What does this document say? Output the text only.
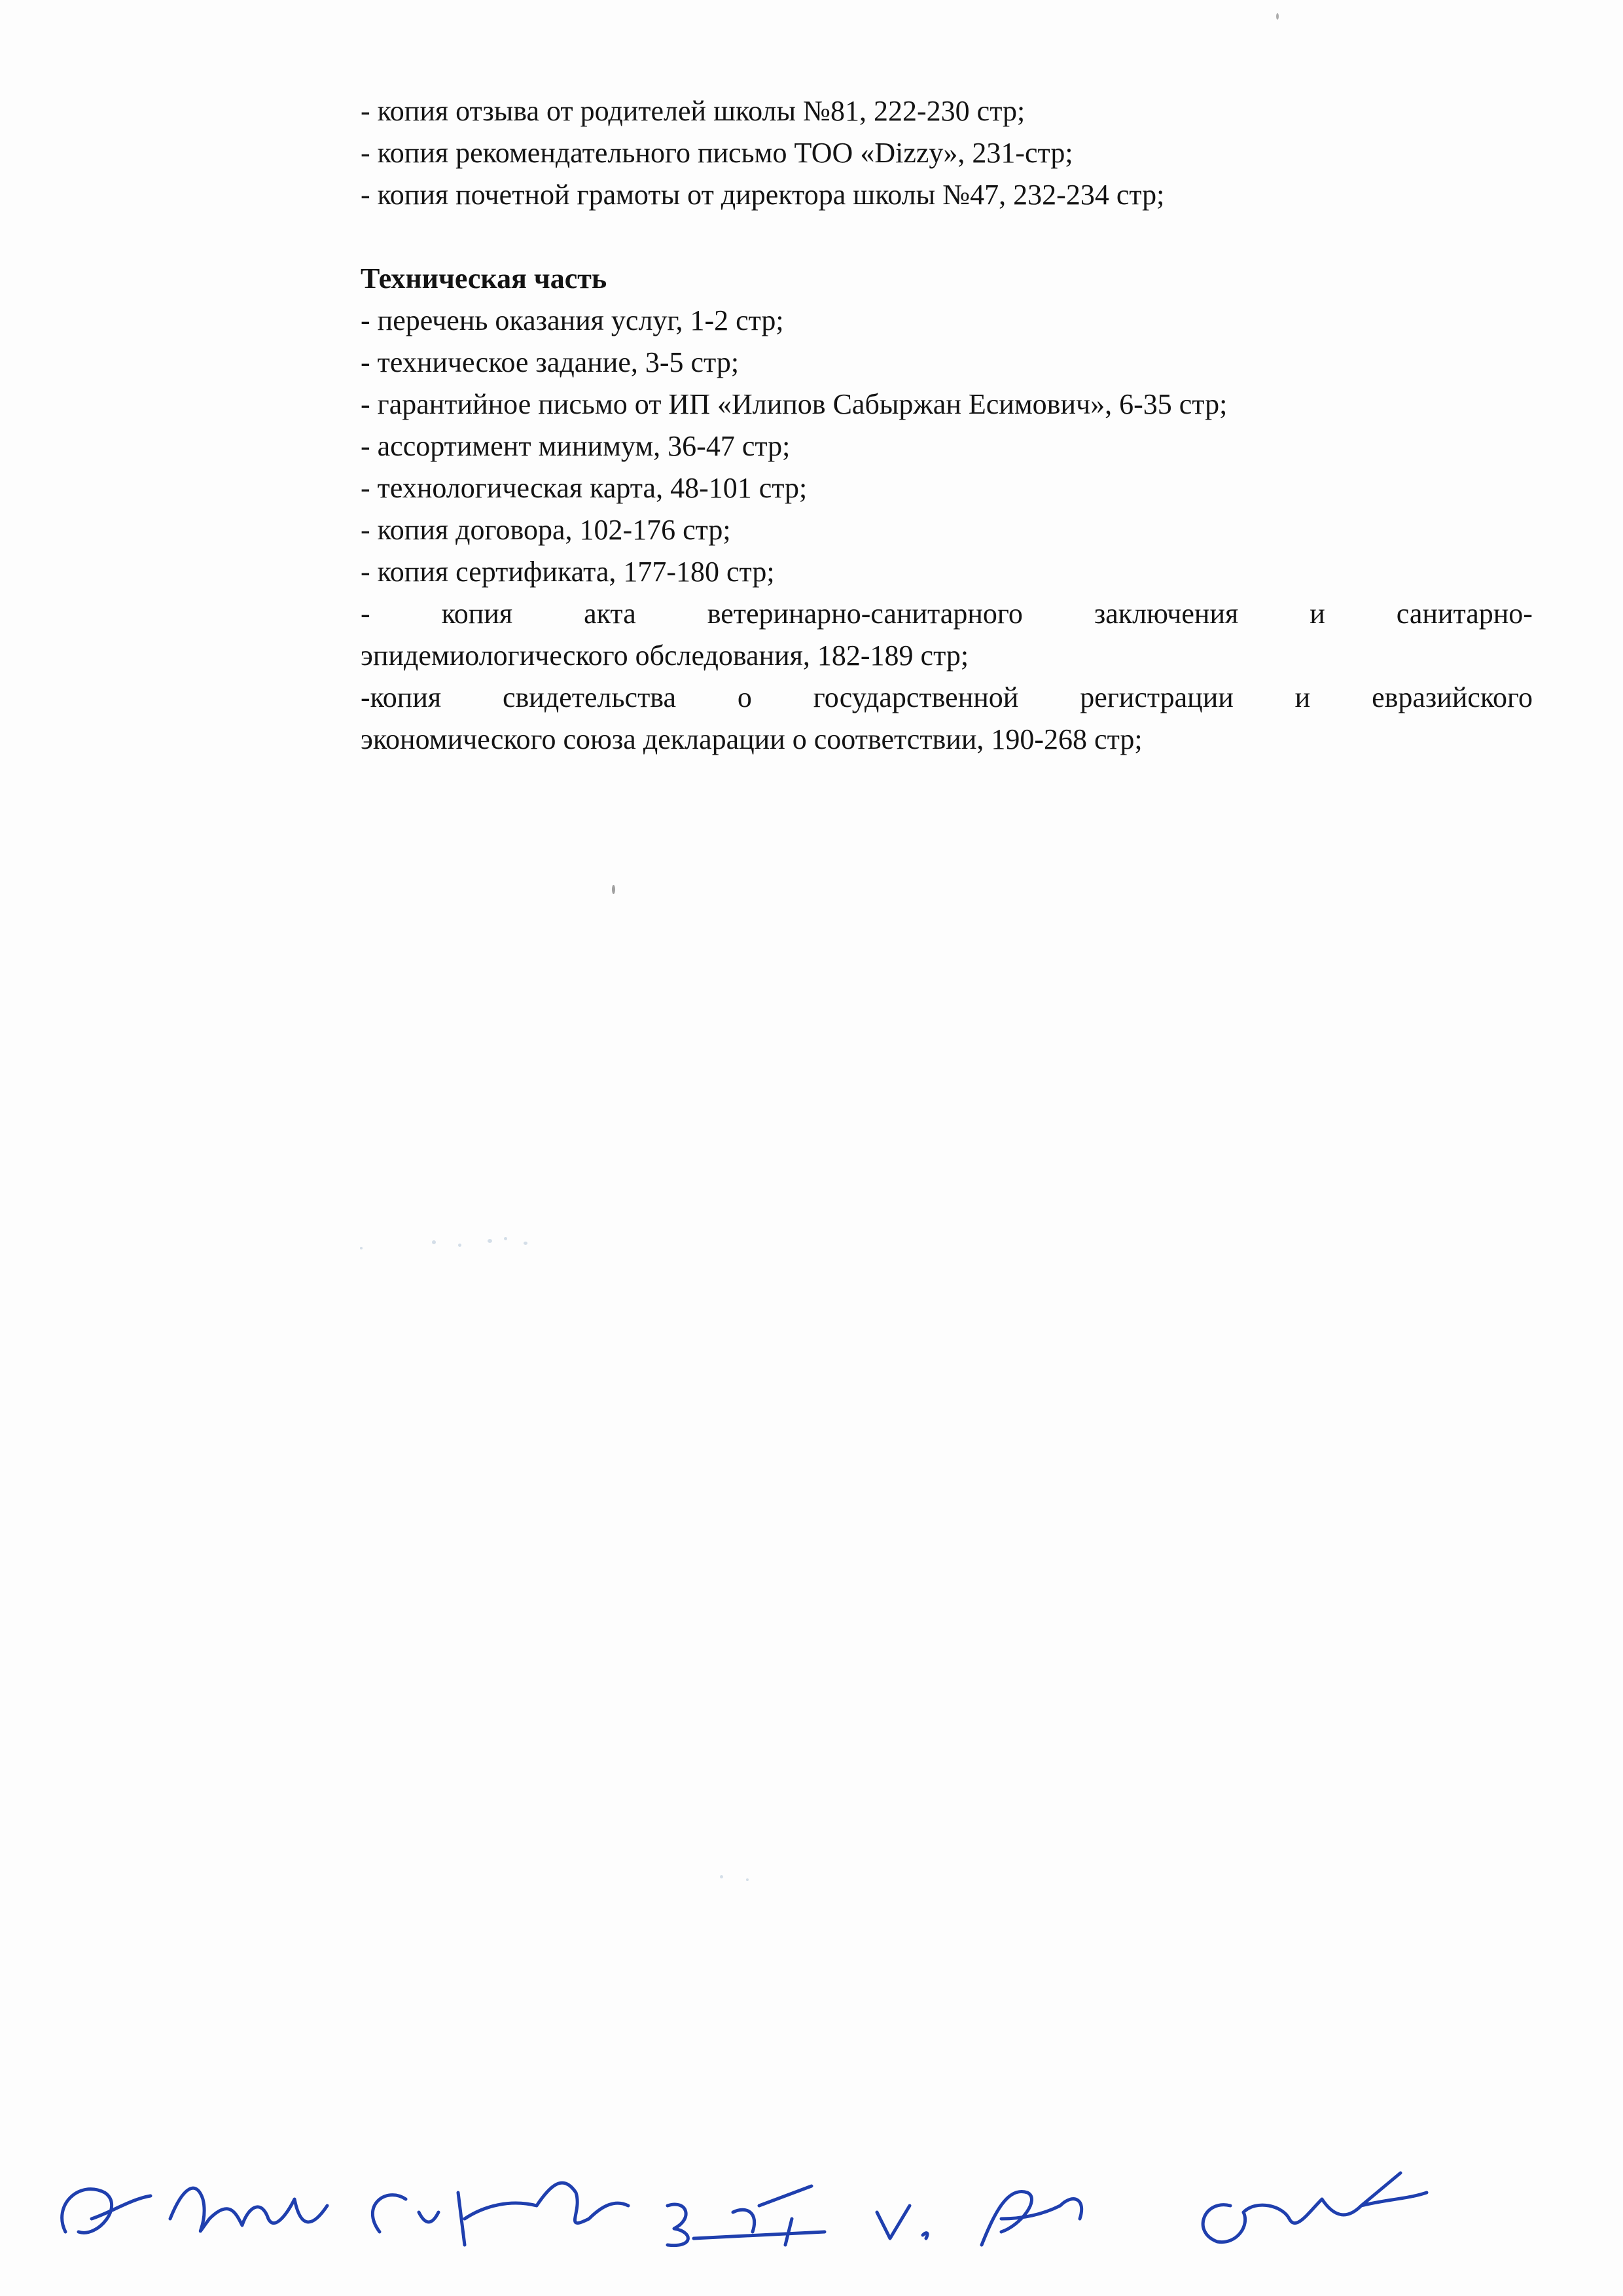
- копия отзыва от родителей школы №81, 222-230 стр;
- копия рекомендательного письмо ТОО «Dizzy», 231-стр;
- копия почетной грамоты от директора школы №47, 232-234 стр;
Техническая часть
- перечень оказания услуг, 1-2 стр;
- техническое задание, 3-5 стр;
- гарантийное письмо от ИП «Илипов Сабыржан Есимович», 6-35 стр;
- ассортимент минимум, 36-47 стр;
- технологическая карта, 48-101 стр;
- копия договора, 102-176 стр;
- копия сертификата, 177-180 стр;
- копия акта ветеринарно-санитарного заключения и санитарно-
эпидемиологического обследования, 182-189 стр;
-копия свидетельства о государственной регистрации и евразийского
экономического союза декларации о соответствии, 190-268 стр;
